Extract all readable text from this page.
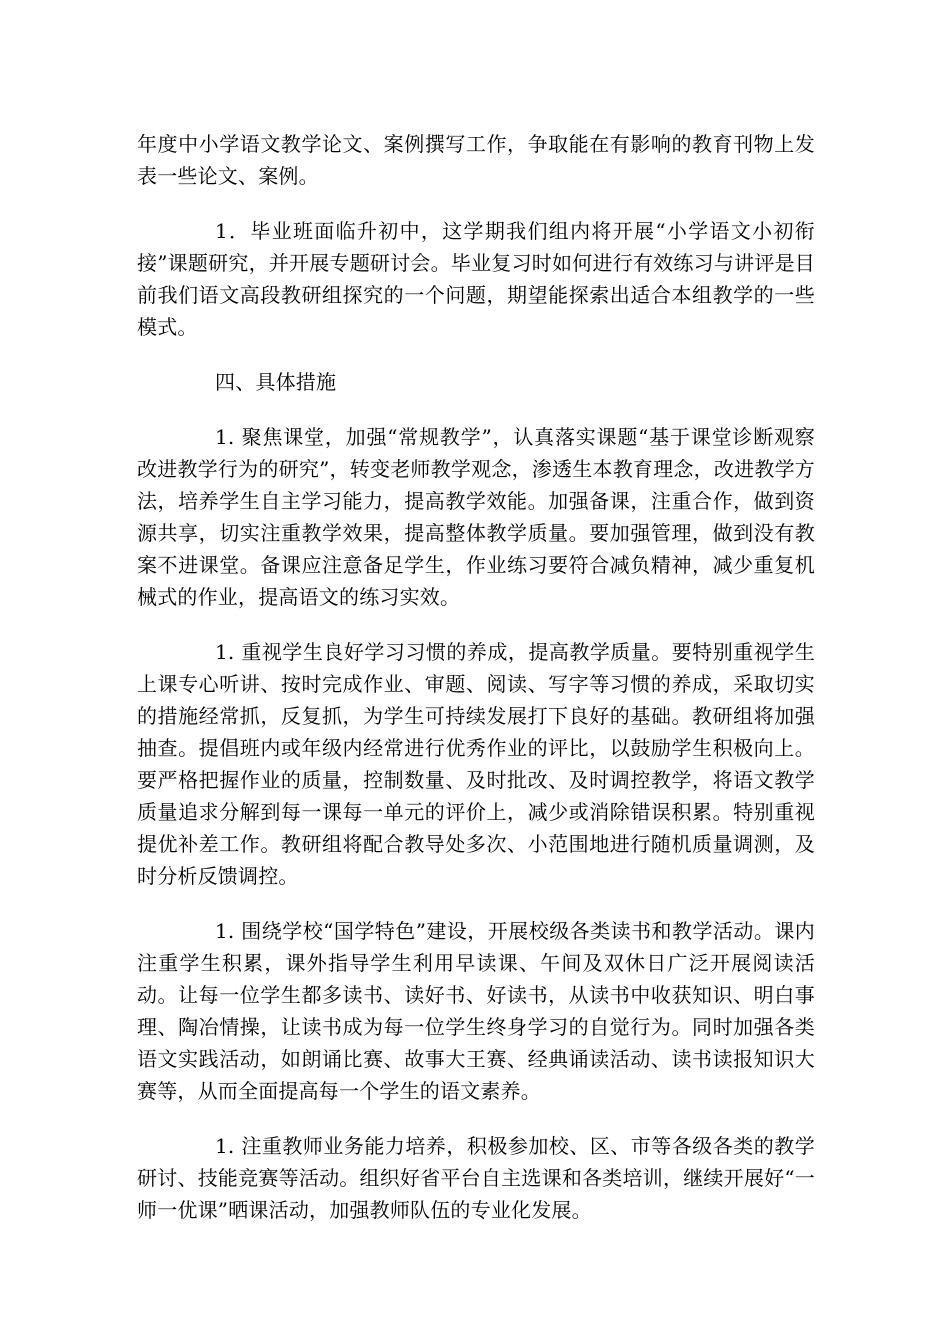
年度中小学语文教学论文、案例撰写工作，争取能在有影响的教育刊物上发表一些论文、案例。

1．毕业班面临升初中，这学期我们组内将开展“小学语文小初衔接”课题研究，并开展专题研讨会。毕业复习时如何进行有效练习与讲评是目前我们语文高段教研组探究的一个问题，期望能探索出适合本组教学的一些模式。

四、具体措施

1. 聚焦课堂，加强“常规教学”，认真落实课题“基于课堂诊断观察改进教学行为的研究”，转变老师教学观念，渗透生本教育理念，改进教学方法，培养学生自主学习能力，提高教学效能。加强备课，注重合作，做到资源共享，切实注重教学效果，提高整体教学质量。要加强管理，做到没有教案不进课堂。备课应注意备足学生，作业练习要符合减负精神，减少重复机械式的作业，提高语文的练习实效。

1. 重视学生良好学习习惯的养成，提高教学质量。要特别重视学生上课专心听讲、按时完成作业、审题、阅读、写字等习惯的养成，采取切实的措施经常抓，反复抓，为学生可持续发展打下良好的基础。教研组将加强抽查。提倡班内或年级内经常进行优秀作业的评比，以鼓励学生积极向上。要严格把握作业的质量，控制数量、及时批改、及时调控教学，将语文教学质量追求分解到每一课每一单元的评价上，减少或消除错误积累。特别重视提优补差工作。教研组将配合教导处多次、小范围地进行随机质量调测，及时分析反馈调控。

1. 围绕学校“国学特色”建设，开展校级各类读书和教学活动。课内注重学生积累，课外指导学生利用早读课、午间及双休日广泛开展阅读活动。让每一位学生都多读书、读好书、好读书，从读书中收获知识、明白事理、陶冶情操，让读书成为每一位学生终身学习的自觉行为。同时加强各类语文实践活动，如朗诵比赛、故事大王赛、经典诵读活动、读书读报知识大赛等，从而全面提高每一个学生的语文素养。

1. 注重教师业务能力培养，积极参加校、区、市等各级各类的教学研讨、技能竞赛等活动。组织好省平台自主选课和各类培训，继续开展好“一师一优课”晒课活动，加强教师队伍的专业化发展。
